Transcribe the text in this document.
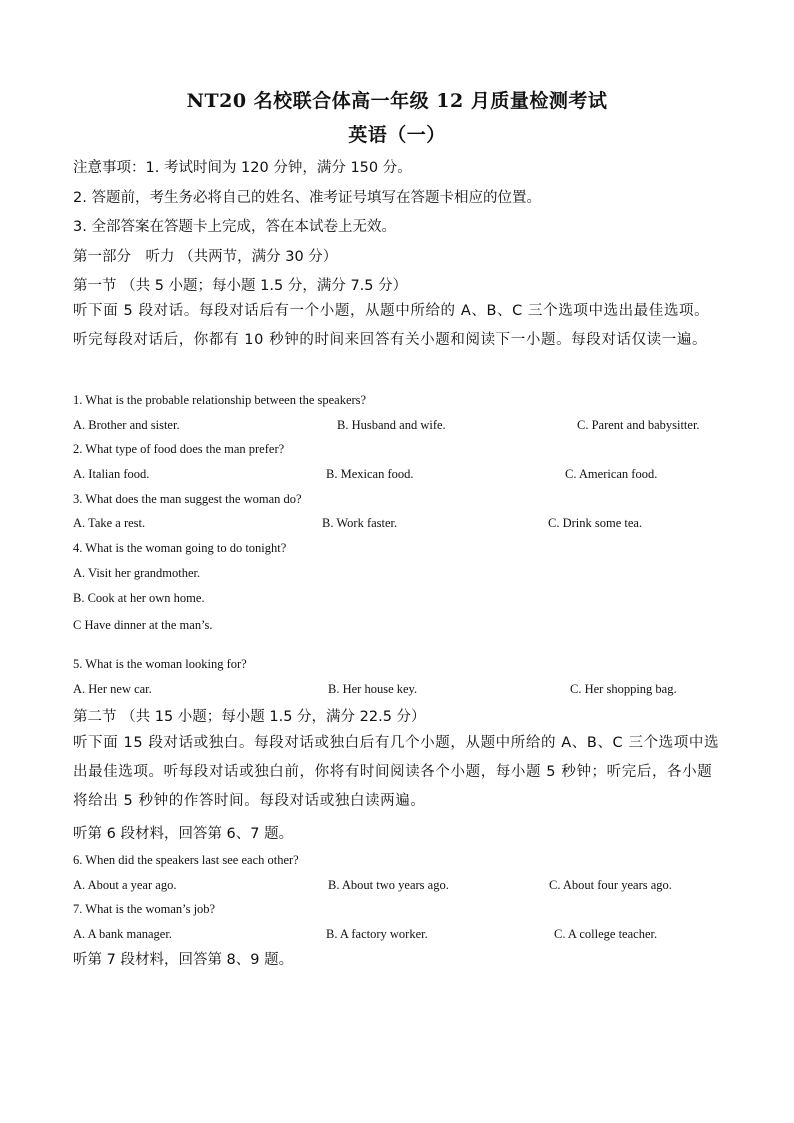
NT20 名校联合体高一年级 12 月质量检测考试
英语（一）
注意事项：1. 考试时间为 120 分钟，满分 150 分。
2. 答题前，考生务必将自己的姓名、准考证号填写在答题卡相应的位置。
3. 全部答案在答题卡上完成，答在本试卷上无效。
第一部分　听力 （共两节，满分 30 分）
第一节 （共 5 小题；每小题 1.5 分，满分 7.5 分）
听下面 5 段对话。每段对话后有一个小题，从题中所给的 A、B、C 三个选项中选出最佳选项。听完每段对话后，你都有 10 秒钟的时间来回答有关小题和阅读下一小题。每段对话仅读一遍。
1. What is the probable relationship between the speakers?
A. Brother and sister.	B. Husband and wife.	C. Parent and babysitter.
2. What type of food does the man prefer?
A. Italian food.	B. Mexican food.	C. American food.
3. What does the man suggest the woman do?
A. Take a rest.	B. Work faster.	C. Drink some tea.
4. What is the woman going to do tonight?
A. Visit her grandmother.
B. Cook at her own home.
C Have dinner at the man’s.
5. What is the woman looking for?
A. Her new car.	B. Her house key.	C. Her shopping bag.
第二节 （共 15 小题；每小题 1.5 分，满分 22.5 分）
听下面 15 段对话或独白。每段对话或独白后有几个小题，从题中所给的 A、B、C 三个选项中选出最佳选项。听每段对话或独白前，你将有时间阅读各个小题，每小题 5 秒钟；听完后，各小题将给出 5 秒钟的作答时间。每段对话或独白读两遍。
听第 6 段材料，回答第 6、7 题。
6. When did the speakers last see each other?
A. About a year ago.	B. About two years ago.	C. About four years ago.
7. What is the woman’s job?
A. A bank manager.	B. A factory worker.	C. A college teacher.
听第 7 段材料，回答第 8、9 题。
